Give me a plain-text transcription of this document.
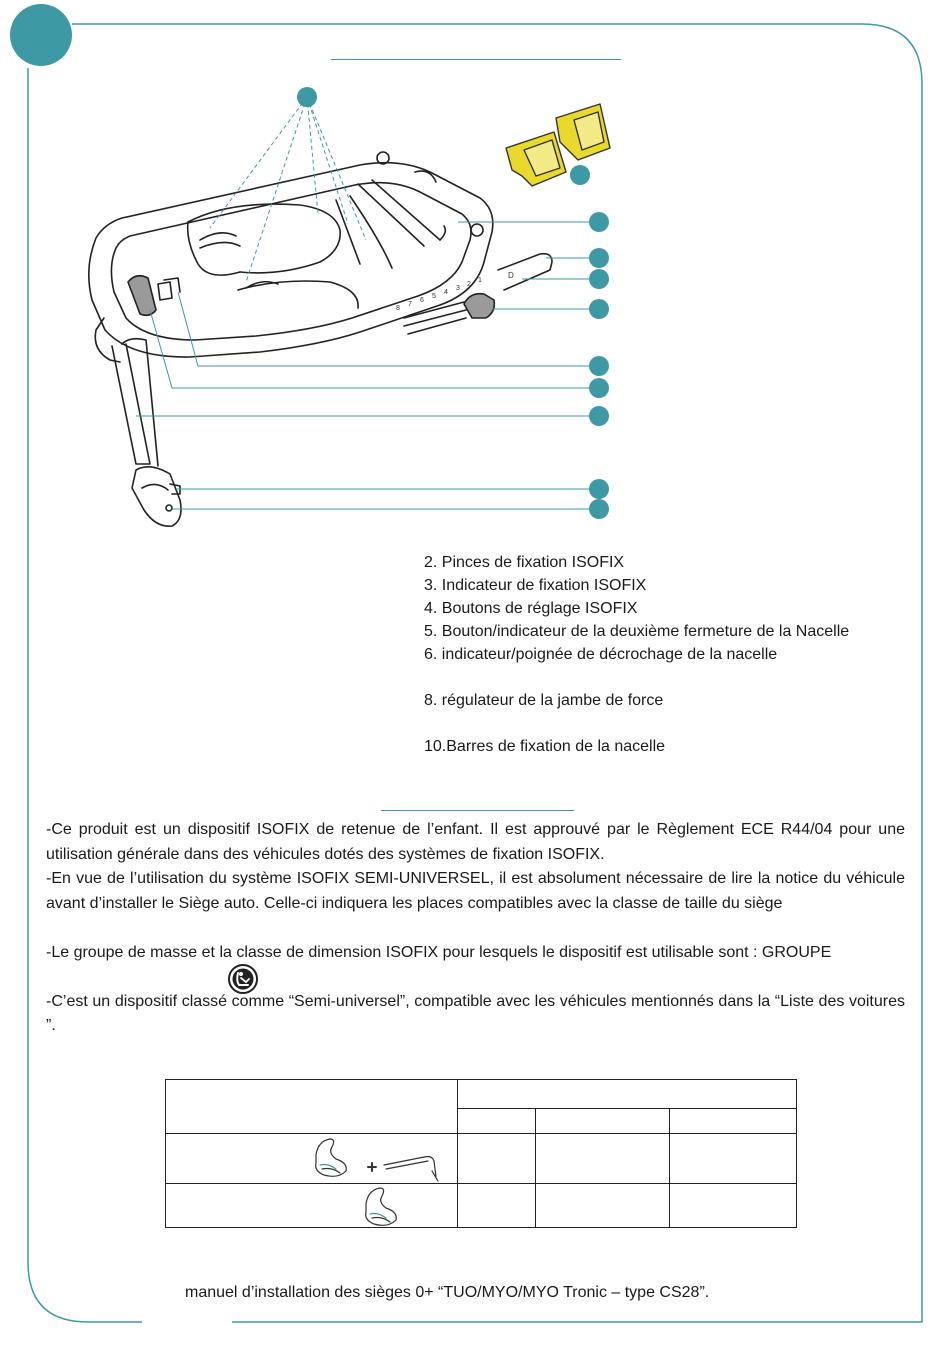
8
7
6
5
4
3
2
1
D
2. Pinces de fixation ISOFIX
3. Indicateur de fixation ISOFIX
4. Boutons de réglage ISOFIX
5. Bouton/indicateur de la deuxième fermeture de la Nacelle
6. indicateur/poignée de décrochage de la nacelle
8. régulateur de la jambe de force
10.Barres de fixation de la nacelle

-Ce produit est un dispositif ISOFIX de retenue de l’enfant. Il est approuvé par le Règlement ECE R44/04 pour une utilisation générale dans des véhicules dotés des systèmes de fixation ISOFIX.

-En vue de l’utilisation du système ISOFIX SEMI-UNIVERSEL, il est absolument nécessaire de lire la notice du véhicule avant d’installer le Siège auto. Celle-ci indiquera les places compatibles avec la classe de taille du siège

-Le groupe de masse et la classe de dimension ISOFIX pour lesquels le dispositif est utilisable sont : GROUPE

-C’est un dispositif classé comme “Semi-universel”, compatible avec les véhicules mentionnés dans la “Liste des voitures ”.

manuel d’installation des sièges 0+ “TUO/MYO/MYO Tronic – type CS28”.
